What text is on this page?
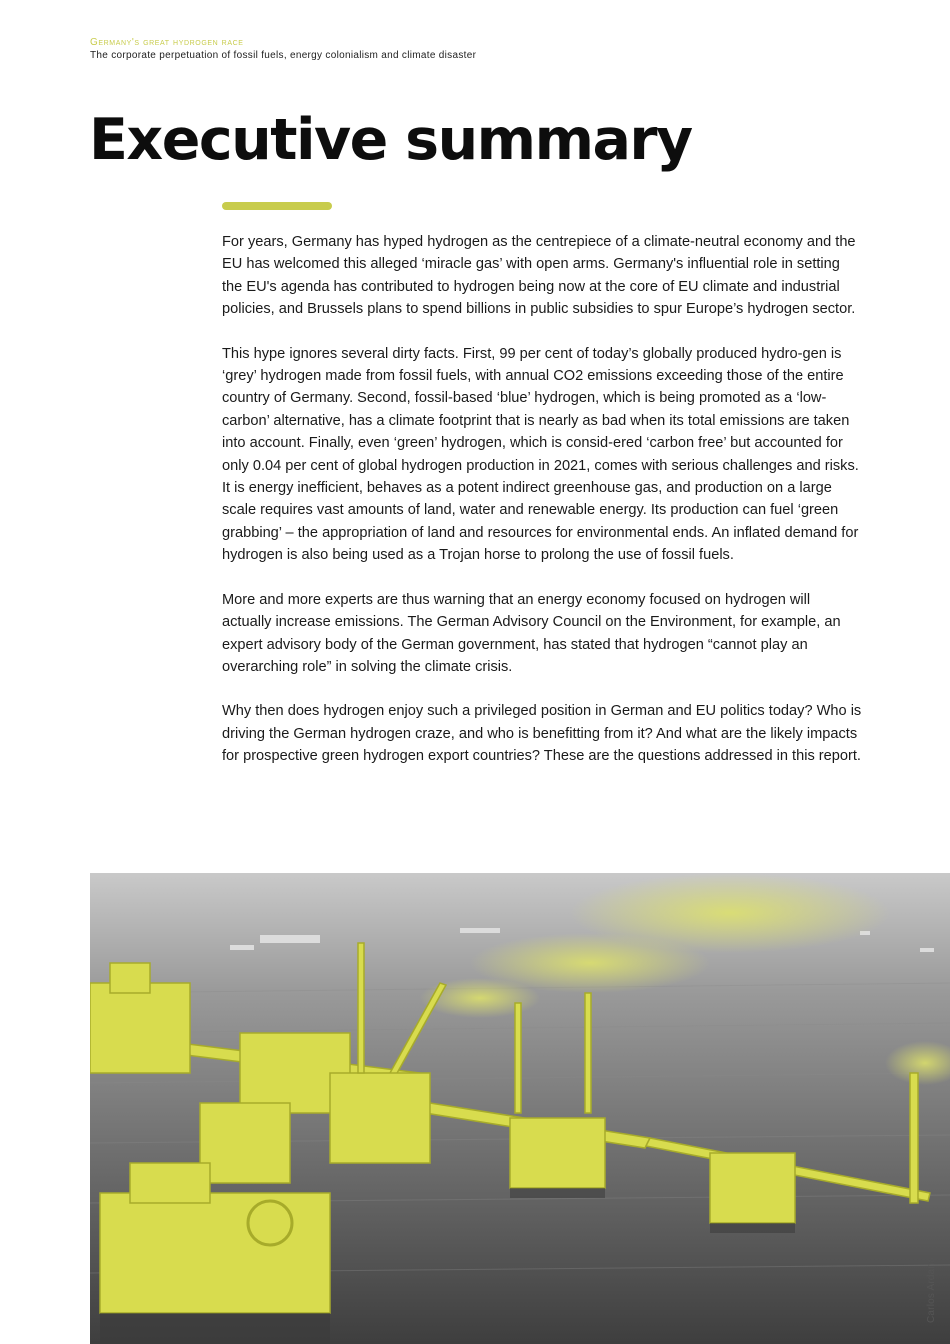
Germany's great hydrogen race
The corporate perpetuation of fossil fuels, energy colonialism and climate disaster
Executive summary

For years, Germany has hyped hydrogen as the centrepiece of a climate-neutral economy and the EU has welcomed this alleged ‘miracle gas’ with open arms. Germany's influential role in setting the EU's agenda has contributed to hydrogen being now at the core of EU climate and industrial policies, and Brussels plans to spend billions in public subsidies to spur Europe’s hydrogen sector.

This hype ignores several dirty facts. First, 99 per cent of today’s globally produced hydro-gen is ‘grey’ hydrogen made from fossil fuels, with annual CO2 emissions exceeding those of the entire country of Germany. Second, fossil-based ‘blue’ hydrogen, which is being promoted as a ‘low-carbon’ alternative, has a climate footprint that is nearly as bad when its total emissions are taken into account. Finally, even ‘green’ hydrogen, which is consid-ered ‘carbon free’ but accounted for only 0.04 per cent of global hydrogen production in 2021, comes with serious challenges and risks. It is energy inefficient, behaves as a potent indirect greenhouse gas, and production on a large scale requires vast amounts of land, water and renewable energy. Its production can fuel ‘green grabbing’ – the appropriation of land and resources for environmental ends. An inflated demand for hydrogen is also being used as a Trojan horse to prolong the use of fossil fuels.

More and more experts are thus warning that an energy economy focused on hydrogen will actually increase emissions. The German Advisory Council on the Environment, for example, an expert advisory body of the German government, has stated that hydrogen “cannot play an overarching role” in solving the climate crisis.

Why then does hydrogen enjoy such a privileged position in German and EU politics today? Who is driving the German hydrogen craze, and who is benefitting from it? And what are the likely impacts for prospective green hydrogen export countries? These are the questions addressed in this report.

Carlos Ardana
